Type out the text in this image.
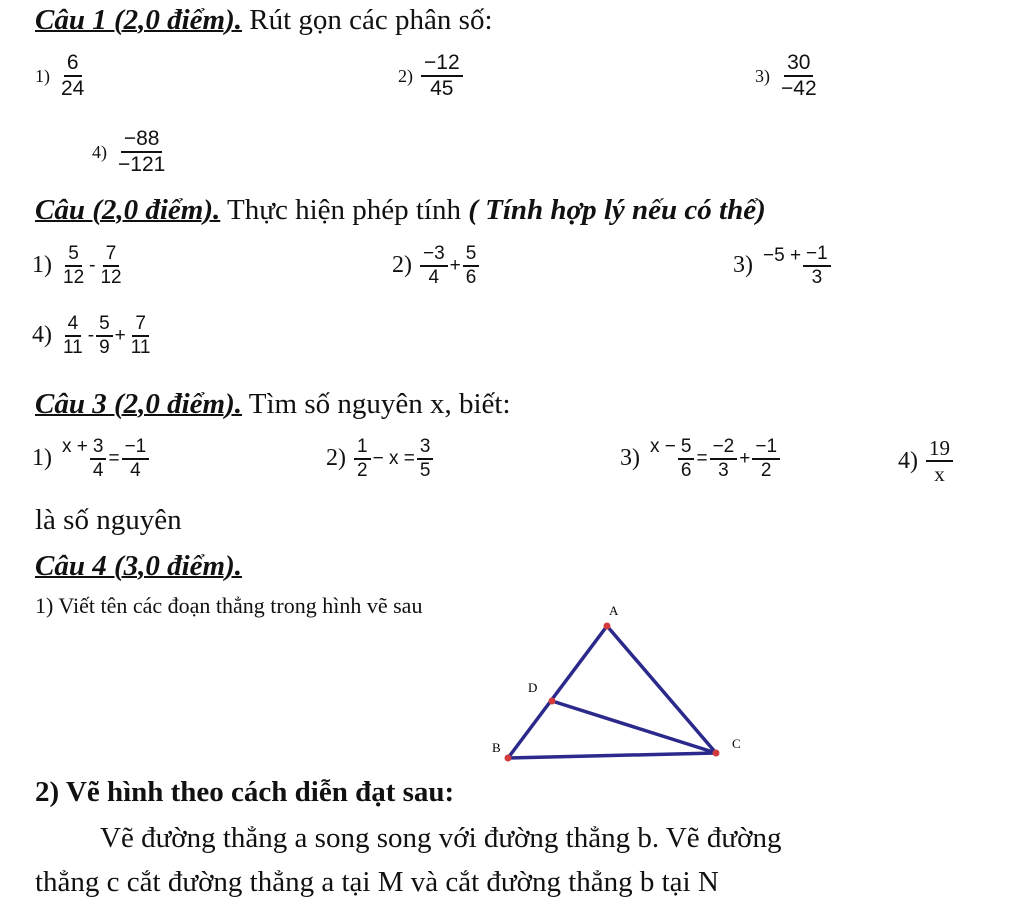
Câu 1 (2,0 điểm). Rút gọn các phân số:
$1) \frac{6}{24}$	$2) \frac{-12}{45}$	$3) \frac{30}{-42}$
$4) \frac{-88}{-121}$
Câu (2,0 điểm). Thực hiện phép tính ( Tính hợp lý nếu có thể)
$1) \frac{5}{12} - \frac{7}{12}$	$2) \frac{-3}{4} + \frac{5}{6}$	$3) -5 + \frac{-1}{3}$
$4) \frac{4}{11} - \frac{5}{9} + \frac{7}{11}$
Câu 3 (2,0 điểm). Tìm số nguyên x, biết:
1) $x + \frac{3}{4} = \frac{-1}{4}$	$2) \frac{1}{2} - x = \frac{3}{5}$	3) $x - \frac{5}{6} = \frac{-2}{3} + \frac{-1}{2}$	$4) \frac{19}{x}$
là số nguyên
Câu 4 (3,0 điểm).
1) Viết tên các đoạn thẳng trong hình vẽ sau	A
D
B	C
2) Vẽ hình theo cách diễn đạt sau:
Vẽ đường thẳng a song song với đường thẳng b. Vẽ đường
thẳng c cắt đường thẳng a tại M và cắt đường thẳng b tại N
